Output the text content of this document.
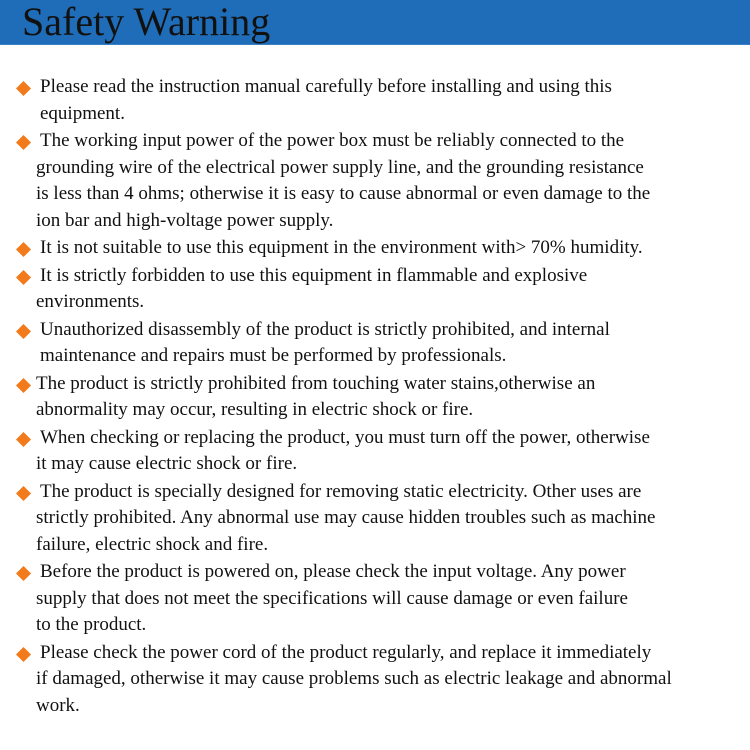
Safety Warning
Please read the instruction manual carefully before installing and using this
equipment.
The working input power of the power box must be reliably connected to the
grounding wire of the electrical power supply line, and the grounding resistance
is less than 4 ohms; otherwise it is easy to cause abnormal or even damage to the
ion bar and high-voltage power supply.
It is not suitable to use this equipment in the environment with> 70% humidity.
It is strictly forbidden to use this equipment in flammable and explosive
environments.
Unauthorized disassembly of the product is strictly prohibited, and internal
maintenance and repairs must be performed by professionals.
The product is strictly prohibited from touching water stains,otherwise an
abnormality may occur, resulting in electric shock or fire.
When checking or replacing the product, you must turn off the power, otherwise
it may cause electric shock or fire.
The product is specially designed for removing static electricity. Other uses are
strictly prohibited. Any abnormal use may cause hidden troubles such as machine
failure, electric shock and fire.
Before the product is powered on, please check the input voltage. Any power
supply that does not meet the specifications will cause damage or even failure
to the product.
Please check the power cord of the product regularly, and replace it immediately
if damaged, otherwise it may cause problems such as electric leakage and abnormal
work.
